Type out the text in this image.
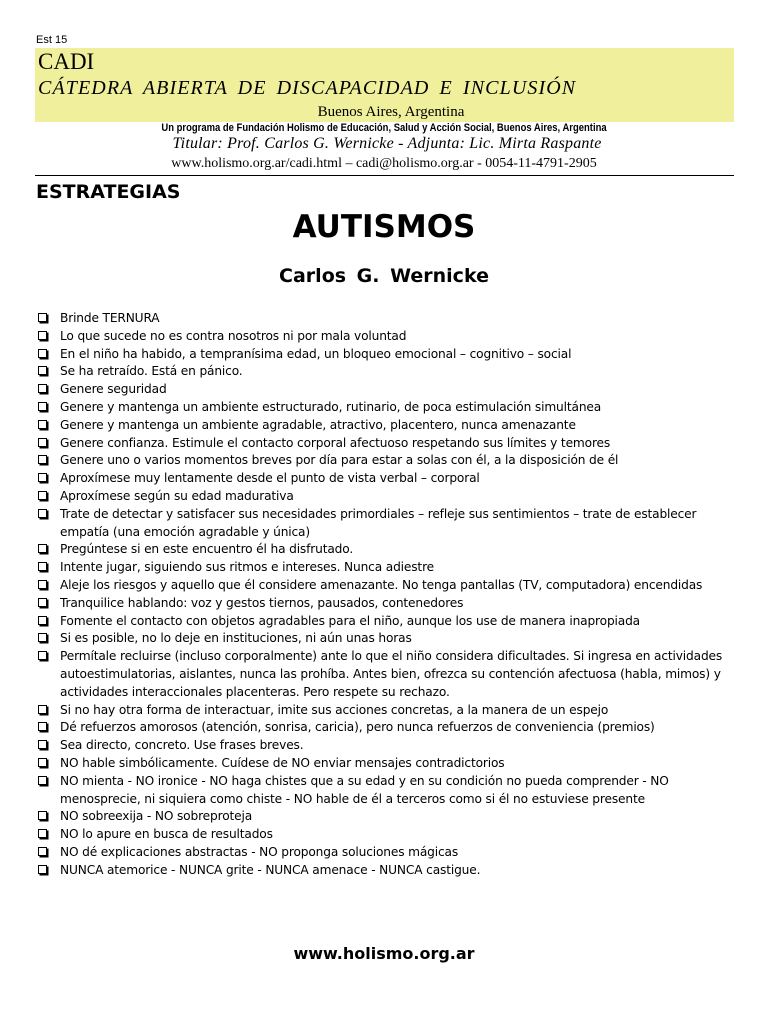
Est 15
CADI
CÁTEDRA ABIERTA DE DISCAPACIDAD E INCLUSIÓN
Buenos Aires, Argentina
Un programa de Fundación Holismo de Educación, Salud y Acción Social, Buenos Aires, Argentina
Titular: Prof. Carlos G. Wernicke - Adjunta: Lic. Mirta Raspante
www.holismo.org.ar/cadi.html – cadi@holismo.org.ar - 0054-11-4791-2905
ESTRATEGIAS
AUTISMOS
Carlos G. Wernicke
Brinde TERNURA
Lo que sucede no es contra nosotros ni por mala voluntad
En el niño ha habido, a tempranísima edad, un bloqueo emocional – cognitivo – social
Se ha retraído. Está en pánico.
Genere seguridad
Genere y mantenga un ambiente estructurado, rutinario, de poca estimulación simultánea
Genere y mantenga un ambiente agradable, atractivo, placentero, nunca amenazante
Genere confianza. Estimule el contacto corporal afectuoso respetando sus límites y temores
Genere uno o varios momentos breves por día para estar a solas con él, a la disposición de él
Aproxímese muy lentamente desde el punto de vista verbal – corporal
Aproxímese según su edad madurativa
Trate de detectar y satisfacer sus necesidades primordiales – refleje sus sentimientos – trate de establecer empatía (una emoción agradable y única)
Pregúntese si en este encuentro él ha disfrutado.
Intente jugar, siguiendo sus ritmos e intereses. Nunca adiestre
Aleje los riesgos y aquello que él considere amenazante. No tenga pantallas (TV, computadora) encendidas
Tranquilice hablando: voz y gestos tiernos, pausados, contenedores
Fomente el contacto con objetos agradables para el niño, aunque los use de manera inapropiada
Si es posible, no lo deje en instituciones, ni aún unas horas
Permítale recluirse (incluso corporalmente) ante lo que el niño considera dificultades. Si ingresa en actividades autoestimulatorias, aislantes, nunca las prohíba. Antes bien, ofrezca su contención afectuosa (habla, mimos) y actividades interaccionales placenteras. Pero respete su rechazo.
Si no hay otra forma de interactuar, imite sus acciones concretas, a la manera de un espejo
Dé refuerzos amorosos (atención, sonrisa, caricia), pero nunca refuerzos de conveniencia (premios)
Sea directo, concreto. Use frases breves.
NO hable simbólicamente. Cuídese de NO enviar mensajes contradictorios
NO mienta - NO ironice - NO haga chistes que a su edad y en su condición no pueda comprender - NO menosprecie, ni siquiera como chiste - NO hable de él a terceros como si él no estuviese presente
NO sobreexija - NO sobreproteja
NO lo apure en busca de resultados
NO dé explicaciones abstractas - NO proponga soluciones mágicas
NUNCA atemorice - NUNCA grite - NUNCA amenace - NUNCA castigue.
www.holismo.org.ar
